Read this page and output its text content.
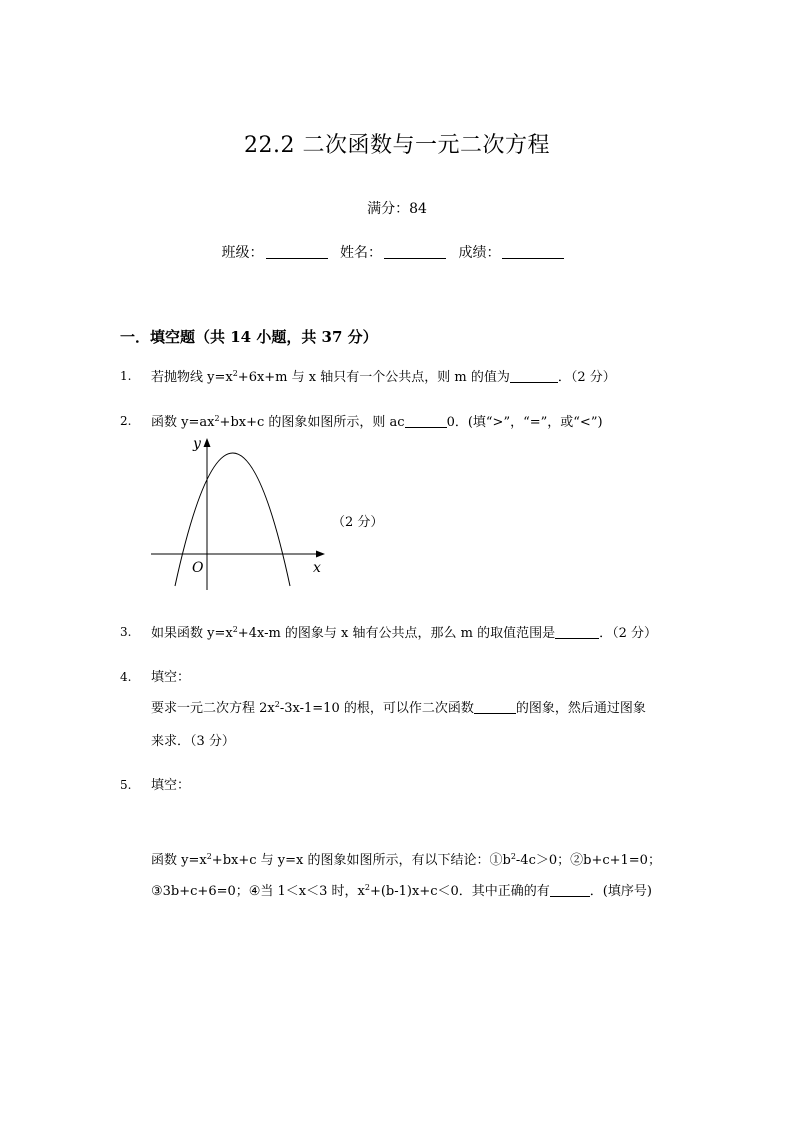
22.2 二次函数与一元二次方程
满分：84
班级：	姓名：	成绩：
一．填空题（共 14 小题，共 37 分）
1. 若抛物线 $y=x^2+6x+m$ 与 x 轴只有一个公共点，则 m 的值为	．（2 分）
2. 函数 $y=ax^2+bx+c$ 的图象如图所示，则 ac	0．(填“>”，“=”，或“<”)
y
x
O
（2 分）
3. 如果函数 $y=x^2+4x-m$ 的图象与 x 轴有公共点，那么 m 的取值范围是	．（2 分）
4. 填空：
要求一元二次方程 $2x^2-3x-1=10$ 的根，可以作二次函数	的图象，然后通过图象
来求．（3 分）
5. 填空：
函数 $y=x^2+bx+c$ 与 y=x 的图象如图所示，有以下结论：$①b^2-4c>0$；②b+c+1=0；
③3b+c+6=0；④当 1＜x＜3 时，$x^2+(b-1)x+c<0$．其中正确的有	．(填序号)
